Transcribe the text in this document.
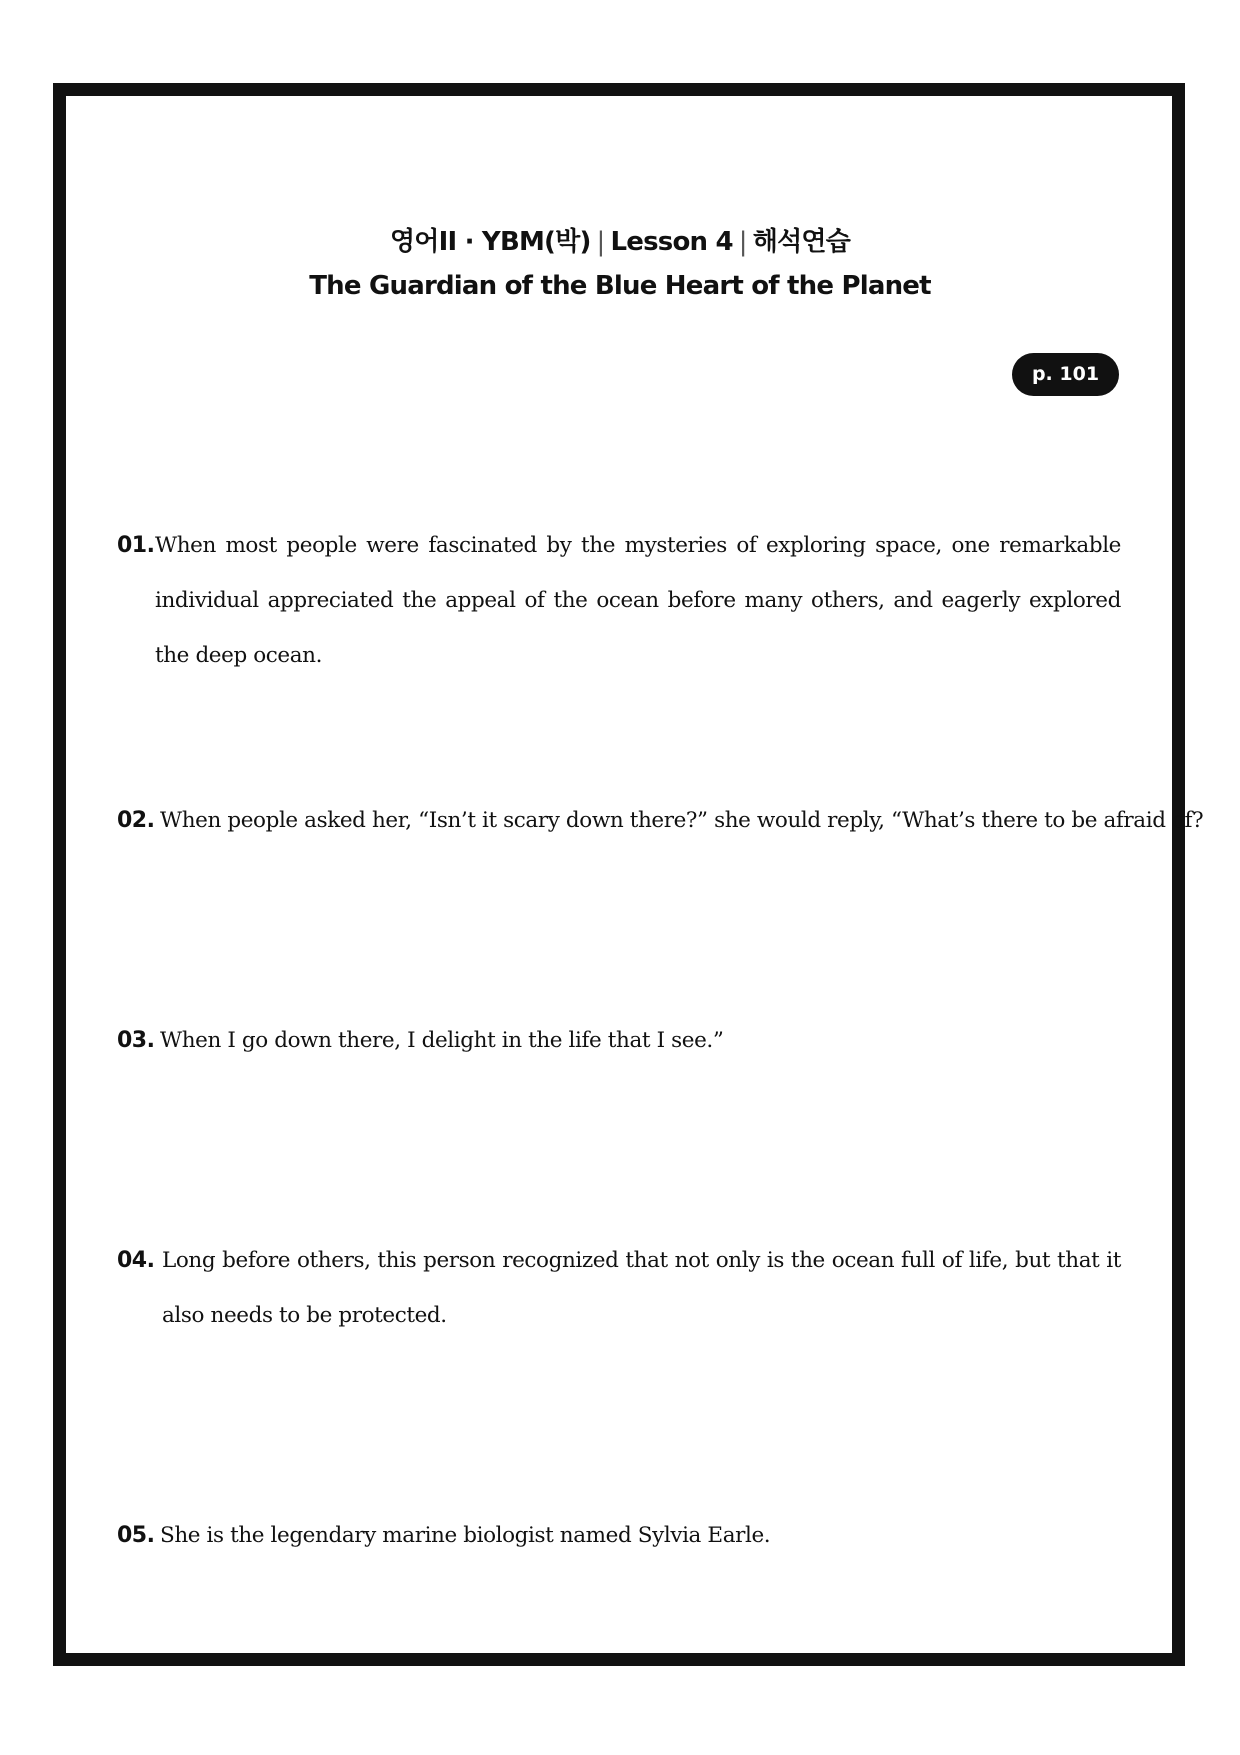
영어II · YBM(박) | Lesson 4 | 해석연습
The Guardian of the Blue Heart of the Planet
p. 101
01. When most people were fascinated by the mysteries of exploring space, one remarkable individual appreciated the appeal of the ocean before many others, and eagerly explored the deep ocean.
02. When people asked her, “Isn’t it scary down there?” she would reply, “What’s there to be afraid of?
03. When I go down there, I delight in the life that I see.”
04. Long before others, this person recognized that not only is the ocean full of life, but that it also needs to be protected.
05. She is the legendary marine biologist named Sylvia Earle.
